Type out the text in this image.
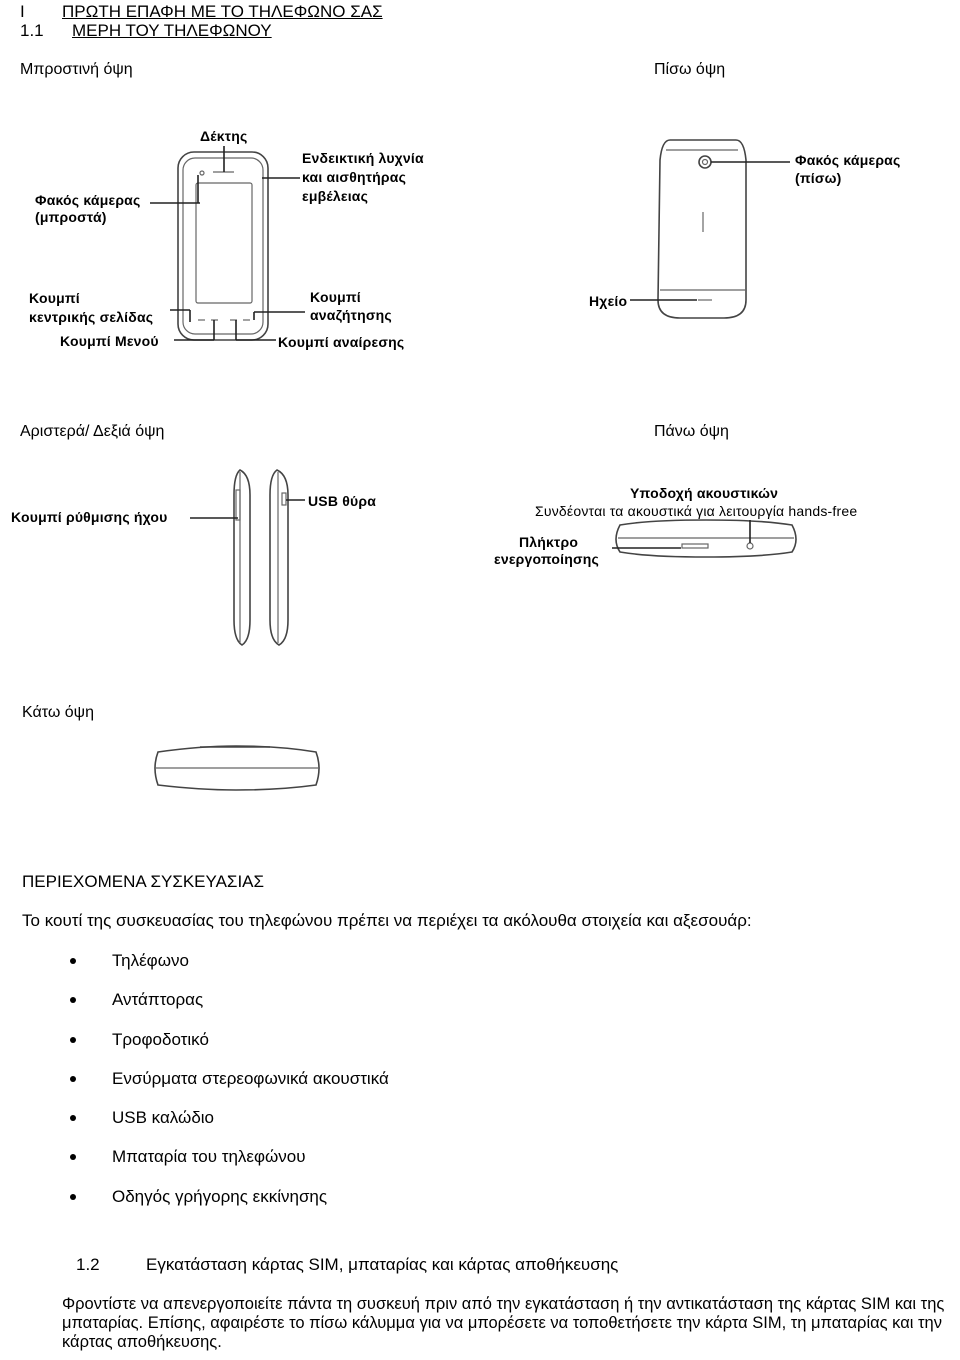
I ΠΡΩΤΗ ΕΠΑΦΗ ΜΕ ΤΟ ΤΗΛΕΦΩΝΟ ΣΑΣ
1.1 ΜΕΡΗ ΤΟΥ ΤΗΛΕΦΩΝΟΥ
Μπροστινή όψη	Πίσω όψη
Αριστερά/ Δεξιά όψη	Πάνω όψη
Κάτω όψη
Δέκτης
Ενδεικτική λυχνία
και αισθητήρας
εμβέλειας
Φακός κάμερας
(μπροστά)
Κουμπί
κεντρικής σελίδας
Κουμπί
αναζήτησης
Κουμπί Μενού	Κουμπί αναίρεσης
Φακός κάμερας
(πίσω)
Ηχείο
Κουμπί ρύθμισης ήχου
USB θύρα	Υποδοχή ακουστικών
Συνδέονται τα ακουστικά για λειτουργία hands-free
Πλήκτρο
ενεργοποίησης
ΠΕΡΙΕΧΟΜΕΝΑ ΣΥΣΚΕΥΑΣΙΑΣ
Το κουτί της συσκευασίας του τηλεφώνου πρέπει να περιέχει τα ακόλουθα στοιχεία και αξεσουάρ:
Τηλέφωνο
Αντάπτορας
Τροφοδοτικό
Ενσύρματα στερεοφωνικά ακουστικά
USB καλώδιο
Μπαταρία του τηλεφώνου
Οδηγός γρήγορης εκκίνησης
1.2	Εγκατάσταση κάρτας SIM, μπαταρίας και κάρτας αποθήκευσης
Φροντίστε να απενεργοποιείτε πάντα τη συσκευή πριν από την εγκατάσταση ή την αντικατάσταση της κάρτας SIM και της μπαταρίας. Επίσης, αφαιρέστε το πίσω κάλυμμα για να μπορέσετε να τοποθετήσετε την κάρτα SIM, τη μπαταρίας και την κάρτας αποθήκευσης.
